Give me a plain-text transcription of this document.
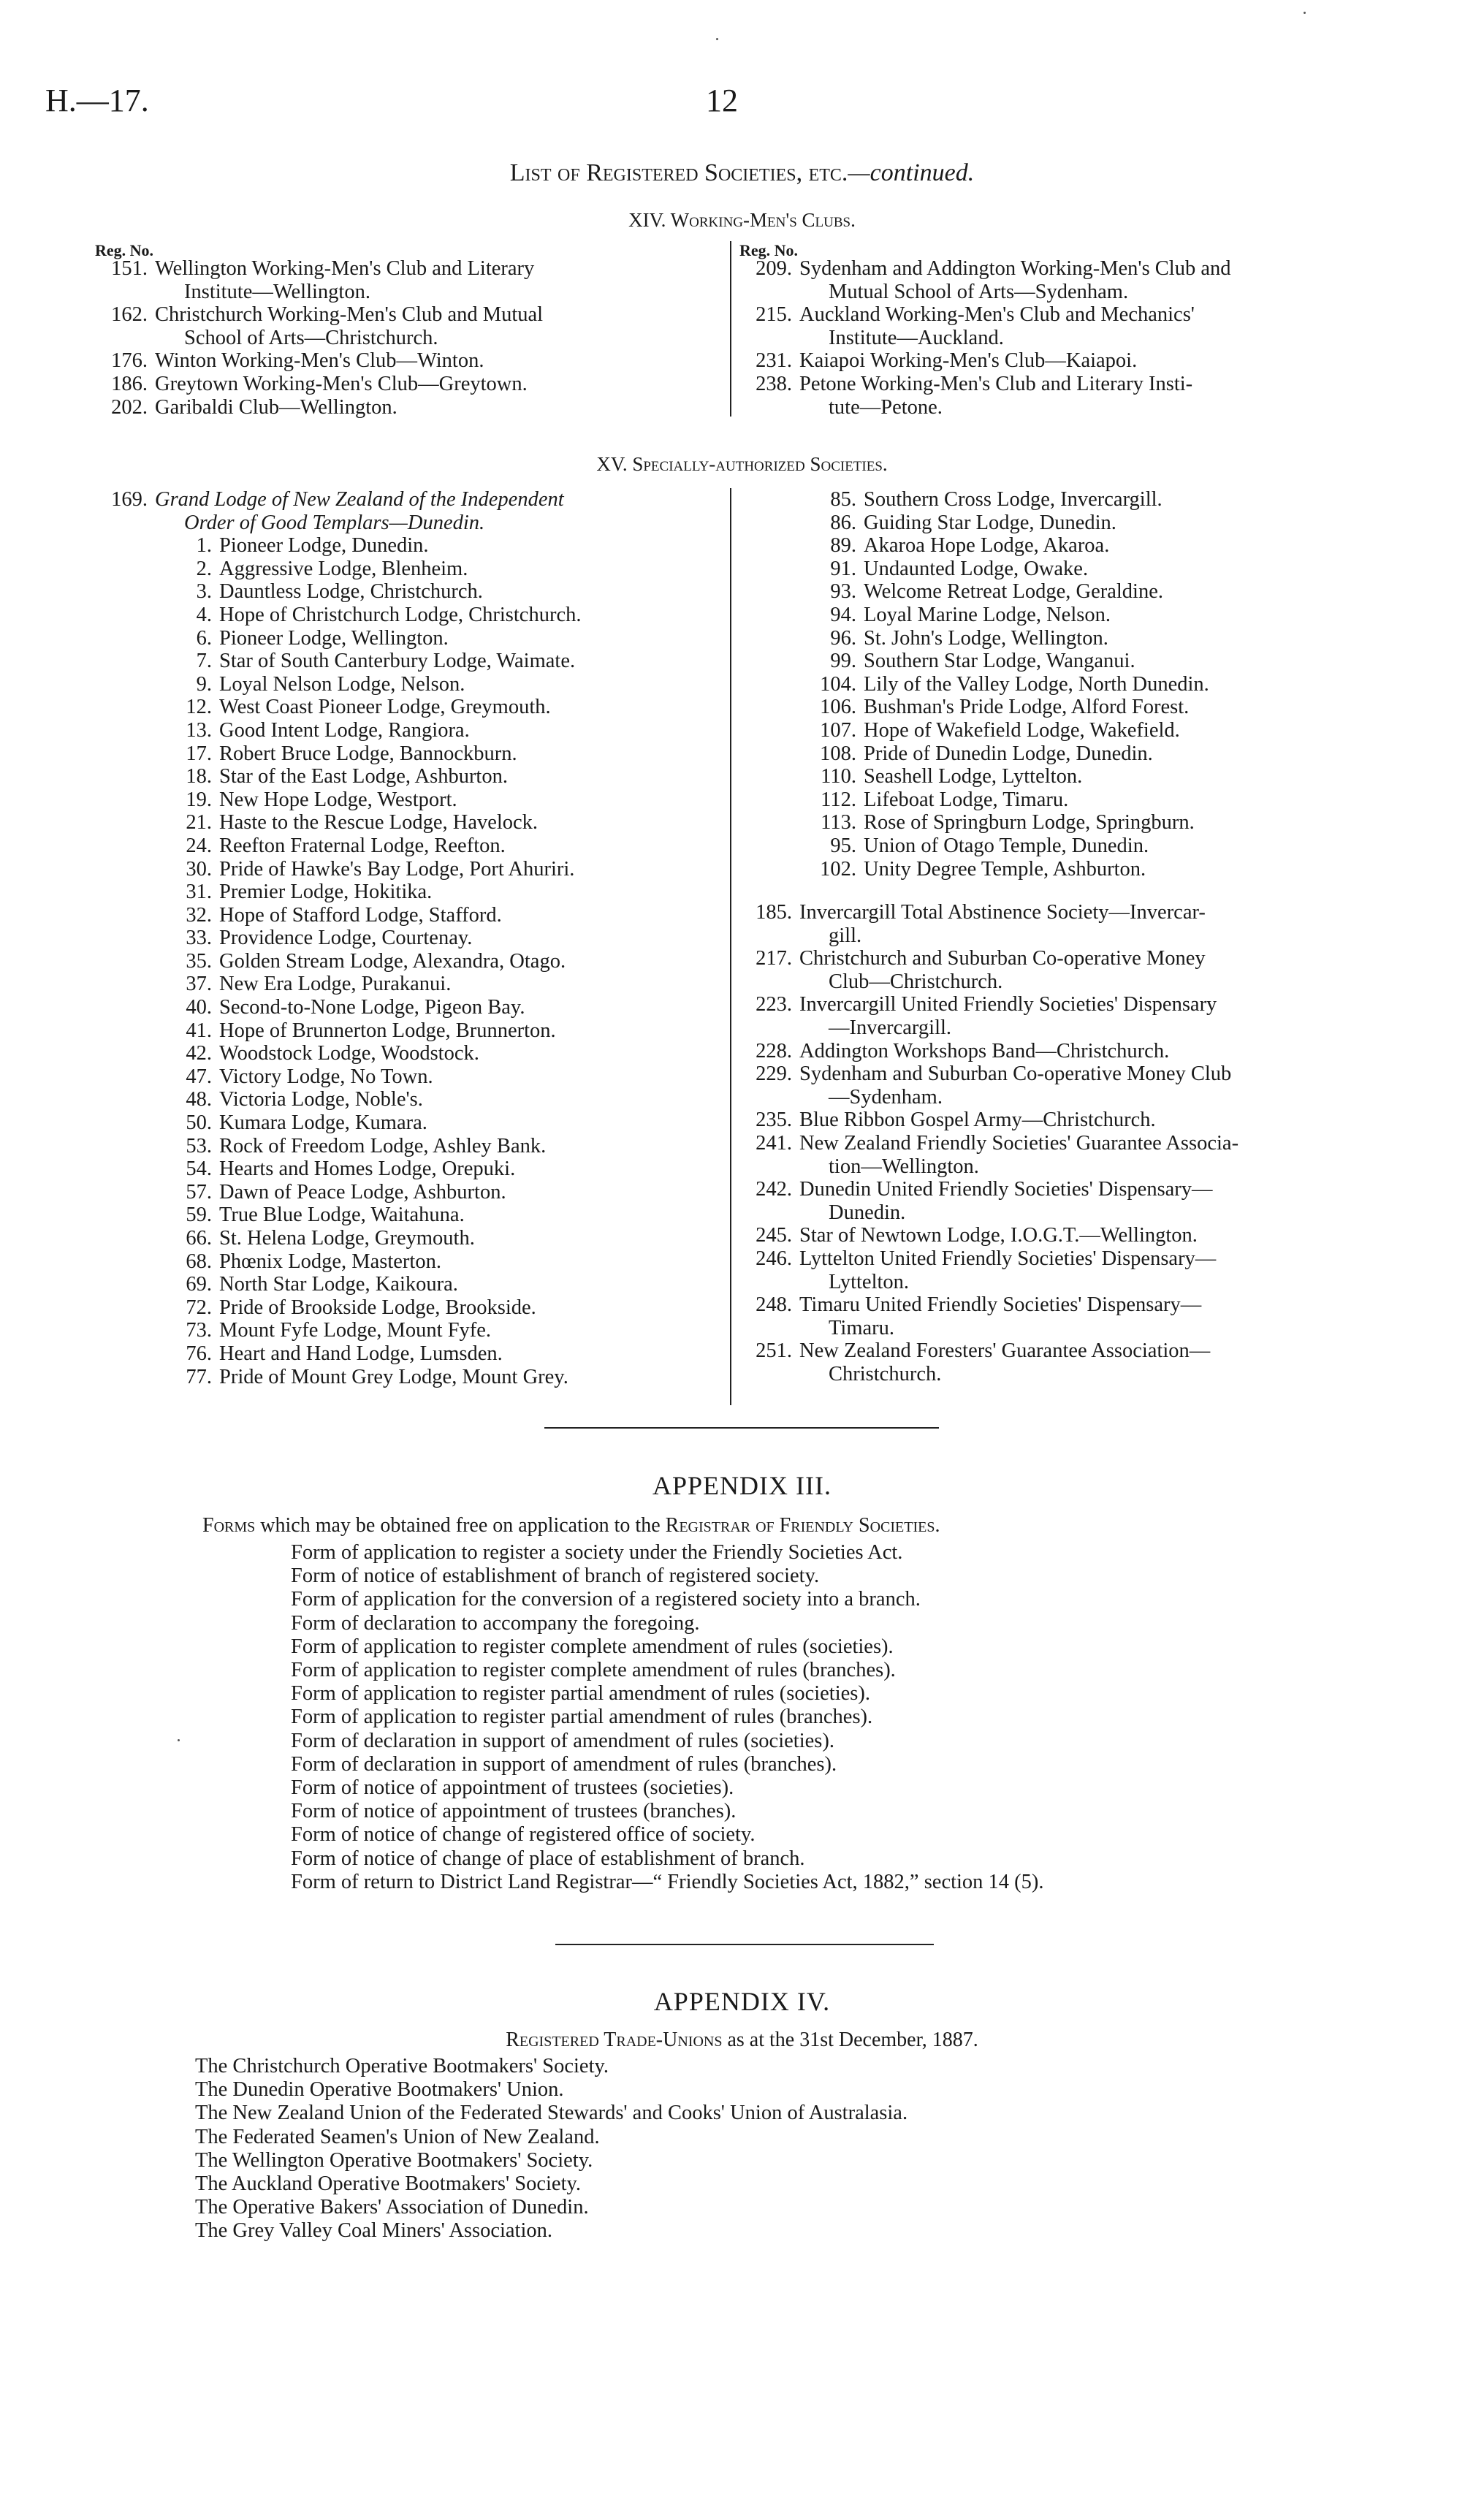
H.—17.	12
List of Registered Societies, etc.—continued.
XIV. Working-Men's Clubs.
Reg. No.	Reg. No.
151. Wellington Working-Men's Club and Literary
Institute—Wellington.
162. Christchurch Working-Men's Club and Mutual
School of Arts—Christchurch.
176. Winton Working-Men's Club—Winton.
186. Greytown Working-Men's Club—Greytown.
202. Garibaldi Club—Wellington.
209. Sydenham and Addington Working-Men's Club and
Mutual School of Arts—Sydenham.
215. Auckland Working-Men's Club and Mechanics'
Institute—Auckland.
231. Kaiapoi Working-Men's Club—Kaiapoi.
238. Petone Working-Men's Club and Literary Insti-
tute—Petone.
XV. Specially-authorized Societies.
169. Grand Lodge of New Zealand of the Independent
Order of Good Templars—Dunedin.
1. Pioneer Lodge, Dunedin.
2. Aggressive Lodge, Blenheim.
3. Dauntless Lodge, Christchurch.
4. Hope of Christchurch Lodge, Christchurch.
6. Pioneer Lodge, Wellington.
7. Star of South Canterbury Lodge, Waimate.
9. Loyal Nelson Lodge, Nelson.
12. West Coast Pioneer Lodge, Greymouth.
13. Good Intent Lodge, Rangiora.
17. Robert Bruce Lodge, Bannockburn.
18. Star of the East Lodge, Ashburton.
19. New Hope Lodge, Westport.
21. Haste to the Rescue Lodge, Havelock.
24. Reefton Fraternal Lodge, Reefton.
30. Pride of Hawke's Bay Lodge, Port Ahuriri.
31. Premier Lodge, Hokitika.
32. Hope of Stafford Lodge, Stafford.
33. Providence Lodge, Courtenay.
35. Golden Stream Lodge, Alexandra, Otago.
37. New Era Lodge, Purakanui.
40. Second-to-None Lodge, Pigeon Bay.
41. Hope of Brunnerton Lodge, Brunnerton.
42. Woodstock Lodge, Woodstock.
47. Victory Lodge, No Town.
48. Victoria Lodge, Noble's.
50. Kumara Lodge, Kumara.
53. Rock of Freedom Lodge, Ashley Bank.
54. Hearts and Homes Lodge, Orepuki.
57. Dawn of Peace Lodge, Ashburton.
59. True Blue Lodge, Waitahuna.
66. St. Helena Lodge, Greymouth.
68. Phœnix Lodge, Masterton.
69. North Star Lodge, Kaikoura.
72. Pride of Brookside Lodge, Brookside.
73. Mount Fyfe Lodge, Mount Fyfe.
76. Heart and Hand Lodge, Lumsden.
77. Pride of Mount Grey Lodge, Mount Grey.
85. Southern Cross Lodge, Invercargill.
86. Guiding Star Lodge, Dunedin.
89. Akaroa Hope Lodge, Akaroa.
91. Undaunted Lodge, Owake.
93. Welcome Retreat Lodge, Geraldine.
94. Loyal Marine Lodge, Nelson.
96. St. John's Lodge, Wellington.
99. Southern Star Lodge, Wanganui.
104. Lily of the Valley Lodge, North Dunedin.
106. Bushman's Pride Lodge, Alford Forest.
107. Hope of Wakefield Lodge, Wakefield.
108. Pride of Dunedin Lodge, Dunedin.
110. Seashell Lodge, Lyttelton.
112. Lifeboat Lodge, Timaru.
113. Rose of Springburn Lodge, Springburn.
95. Union of Otago Temple, Dunedin.
102. Unity Degree Temple, Ashburton.
185. Invercargill Total Abstinence Society—Invercar-
gill.
217. Christchurch and Suburban Co-operative Money
Club—Christchurch.
223. Invercargill United Friendly Societies' Dispensary
—Invercargill.
228. Addington Workshops Band—Christchurch.
229. Sydenham and Suburban Co-operative Money Club
—Sydenham.
235. Blue Ribbon Gospel Army—Christchurch.
241. New Zealand Friendly Societies' Guarantee Associa-
tion—Wellington.
242. Dunedin United Friendly Societies' Dispensary—
Dunedin.
245. Star of Newtown Lodge, I.O.G.T.—Wellington.
246. Lyttelton United Friendly Societies' Dispensary—
Lyttelton.
248. Timaru United Friendly Societies' Dispensary—
Timaru.
251. New Zealand Foresters' Guarantee Association—
Christchurch.
APPENDIX III.
Forms which may be obtained free on application to the Registrar of Friendly Societies.
Form of application to register a society under the Friendly Societies Act.
Form of notice of establishment of branch of registered society.
Form of application for the conversion of a registered society into a branch.
Form of declaration to accompany the foregoing.
Form of application to register complete amendment of rules (societies).
Form of application to register complete amendment of rules (branches).
Form of application to register partial amendment of rules (societies).
Form of application to register partial amendment of rules (branches).
Form of declaration in support of amendment of rules (societies).
Form of declaration in support of amendment of rules (branches).
Form of notice of appointment of trustees (societies).
Form of notice of appointment of trustees (branches).
Form of notice of change of registered office of society.
Form of notice of change of place of establishment of branch.
Form of return to District Land Registrar—“ Friendly Societies Act, 1882,” section 14 (5).
APPENDIX IV.
Registered Trade-Unions as at the 31st December, 1887.
The Christchurch Operative Bootmakers' Society.
The Dunedin Operative Bootmakers' Union.
The New Zealand Union of the Federated Stewards' and Cooks' Union of Australasia.
The Federated Seamen's Union of New Zealand.
The Wellington Operative Bootmakers' Society.
The Auckland Operative Bootmakers' Society.
The Operative Bakers' Association of Dunedin.
The Grey Valley Coal Miners' Association.
